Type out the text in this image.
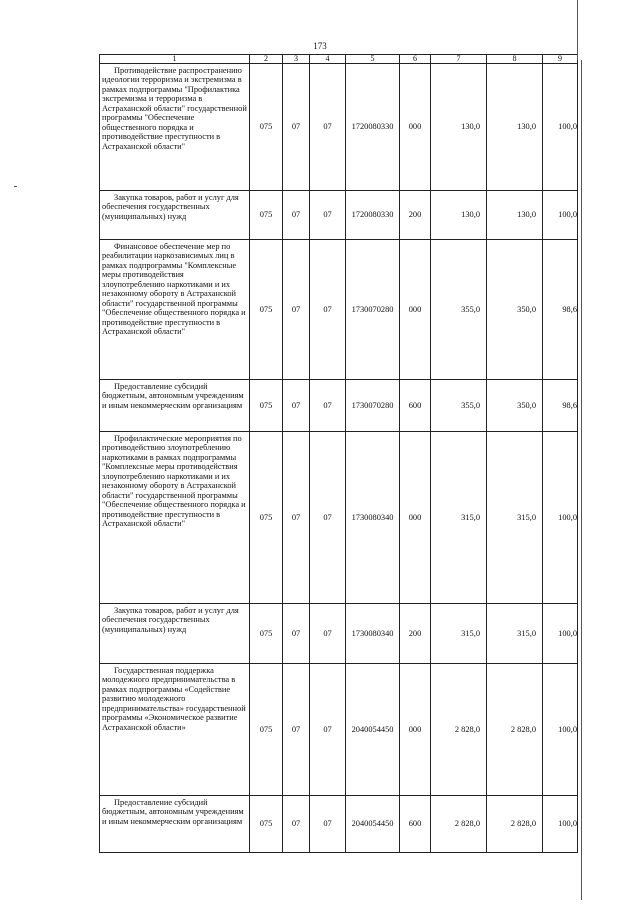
173
1	2	3	4	5	6	7	8	9

Противодействие распространению идеологии терроризма и экстремизма в рамках подпрограммы "Профилактика экстремизма и терроризма в Астраханской области" государственной программы "Обеспечение общественного порядка и противодействие преступности в Астраханской области"	075	07	07	1720080330	000	130,0	130,0	100,0

Закупка товаров, работ и услуг для обеспечения государственных (муниципальных) нужд	075	07	07	1720080330	200	130,0	130,0	100,0

Финансовое обеспечение мер по реабилитации наркозависимых лиц в рамках подпрограммы "Комплексные меры противодействия злоупотреблению наркотиками и их незаконному обороту в Астраханской области" государственной программы "Обеспечение общественного порядка и противодействие преступности в Астраханской области"	075	07	07	1730070280	000	355,0	350,0	98,6

Предоставление субсидий бюджетным, автономным учреждениям и иным некоммерческим организациям	075	07	07	1730070280	600	355,0	350,0	98,6

Профилактические мероприятия по противодействию злоупотреблению наркотиками в рамках подпрограммы "Комплексные меры противодействия злоупотреблению наркотиками и их незаконному обороту в Астраханской области" государственной программы "Обеспечение общественного порядка и противодействие преступности в Астраханской области"	075	07	07	1730080340	000	315,0	315,0	100,0

Закупка товаров, работ и услуг для обеспечения государственных (муниципальных) нужд	075	07	07	1730080340	200	315,0	315,0	100,0

Государственная поддержка молодежного предпринимательства в рамках подпрограммы «Содействие развитию молодежного предпринимательства» государственной программы «Экономическое развитие Астраханской области»	075	07	07	2040054450	000	2 828,0	2 828,0	100,0

Предоставление субсидий бюджетным, автономным учреждениям и иным некоммерческим организациям	075	07	07	2040054450	600	2 828,0	2 828,0	100,0
